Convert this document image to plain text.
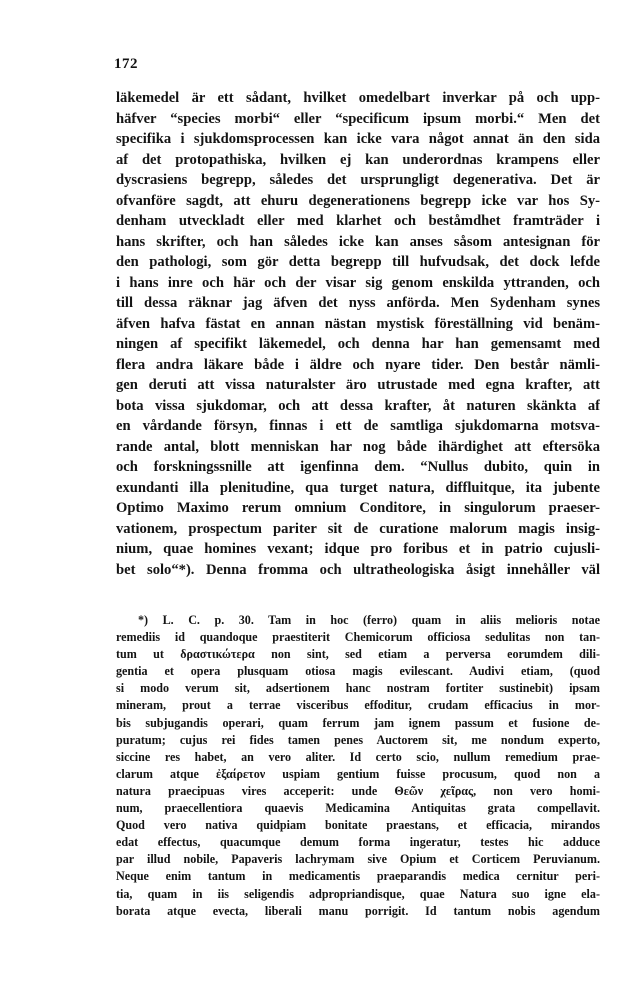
172
läkemedel är ett sådant, hvilket omedelbart inverkar på och upp-
häfver “species morbi“ eller “specificum ipsum morbi.“ Men det
specifika i sjukdomsprocessen kan icke vara något annat än den sida
af det protopathiska, hvilken ej kan underordnas krampens eller
dyscrasiens begrepp, således det ursprungligt degenerativa. Det är
ofvanföre sagdt, att ehuru degenerationens begrepp icke var hos Sy-
denham utveckladt eller med klarhet och beståmdhet framträder i
hans skrifter, och han således icke kan anses såsom antesignan för
den pathologi, som gör detta begrepp till hufvudsak, det dock lefde
i hans inre och här och der visar sig genom enskilda yttranden, och
till dessa räknar jag äfven det nyss anförda. Men Sydenham synes
äfven hafva fästat en annan nästan mystisk föreställning vid benäm-
ningen af specifikt läkemedel, och denna har han gemensamt med
flera andra läkare både i äldre och nyare tider. Den består nämli-
gen deruti att vissa naturalster äro utrustade med egna krafter, att
bota vissa sjukdomar, och att dessa krafter, åt naturen skänkta af
en vårdande försyn, finnas i ett de samtliga sjukdomarna motsva-
rande antal, blott menniskan har nog både ihärdighet att eftersöka
och forskningssnille att igenfinna dem. “Nullus dubito, quin in
exundanti illa plenitudine, qua turget natura, diffluitque, ita jubente
Optimo Maximo rerum omnium Conditore, in singulorum praeser-
vationem, prospectum pariter sit de curatione malorum magis insig-
nium, quae homines vexant; idque pro foribus et in patrio cujusli-
bet solo“*). Denna fromma och ultratheologiska åsigt innehåller väl
*) L. C. p. 30. Tam in hoc (ferro) quam in aliis melioris notae
remediis id quandoque praestiterit Chemicorum officiosa sedulitas non tan-
tum ut δραστικώτερα non sint, sed etiam a perversa eorumdem dili-
gentia et opera plusquam otiosa magis evilescant. Audivi etiam, (quod
si modo verum sit, adsertionem hanc nostram fortiter sustinebit) ipsam
mineram, prout a terrae visceribus effoditur, crudam efficacius in mor-
bis subjugandis operari, quam ferrum jam ignem passum et fusione de-
puratum; cujus rei fides tamen penes Auctorem sit, me nondum experto,
siccine res habet, an vero aliter. Id certo scio, nullum remedium prae-
clarum atque ἐξαίρετον uspiam gentium fuisse procusum, quod non a
natura praecipuas vires acceperit: unde Θεῶν χεῖρας, non vero homi-
num, praecellentiora quaevis Medicamina Antiquitas grata compellavit.
Quod vero nativa quidpiam bonitate praestans, et efficacia, mirandos
edat effectus, quacumque demum forma ingeratur, testes hic adduce
par illud nobile, Papaveris lachrymam sive Opium et Corticem Peruvianum.
Neque enim tantum in medicamentis praeparandis medica cernitur peri-
tia, quam in iis seligendis adpropriandisque, quae Natura suo igne ela-
borata atque evecta, liberali manu porrigit. Id tantum nobis agendum
